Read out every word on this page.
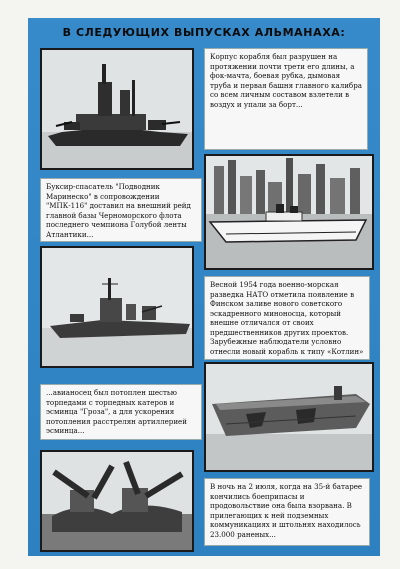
В СЛЕДУЮЩИХ ВЫПУСКАХ АЛЬМАНАХА:
Корпус корабля был разрушен на протяжении почти трети его длины, а фок-мачта, боевая рубка, дымовая труба и первая башня главного калибра со всем личным составом взлетели в воздух и упали за борт...
Буксир-спасатель "Подводник Маринеско" в сопровождении "МПК-116" доставил на внешний рейд главной базы Черноморского флота последнего чемпиона Голубой ленты Атлантики...
Весной 1954 года военно-морская разведка НАТО отметила появление в Финском заливе нового советского эскадренного миноносца, который внешне отличался от своих предшественников других проектов. Зарубежные наблюдатели условно отнесли новый корабль к типу «Котлин»
...авианосец был потоплен шестью торпедами с торпедных катеров и эсминца "Гроза", а для ускорения потопления расстрелян артиллерией эсминца...
В ночь на 2 июля, когда на 35-й батарее кончились боеприпасы и продовольствие она была взорвана. В прилегающих к ней подземных коммуникациях и штольнях находилось 23.000 раненых...
